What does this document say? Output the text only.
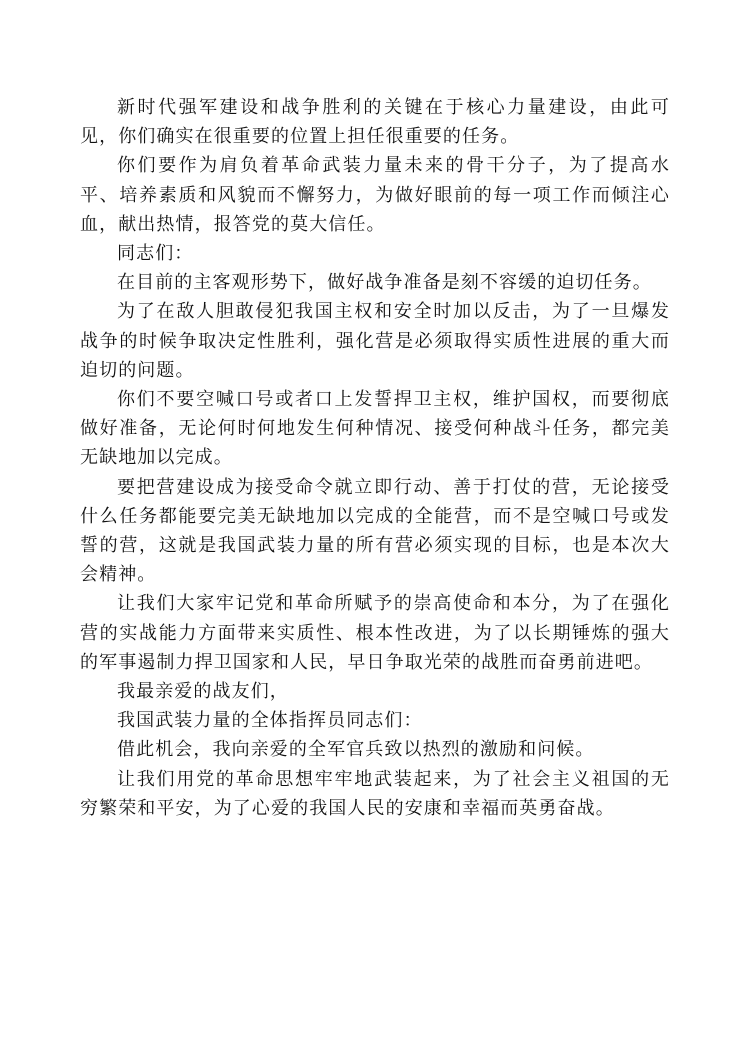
新时代强军建设和战争胜利的关键在于核心力量建设，由此可见，你们确实在很重要的位置上担任很重要的任务。

你们要作为肩负着革命武装力量未来的骨干分子，为了提高水平、培养素质和风貌而不懈努力，为做好眼前的每一项工作而倾注心血，献出热情，报答党的莫大信任。

同志们：

在目前的主客观形势下，做好战争准备是刻不容缓的迫切任务。

为了在敌人胆敢侵犯我国主权和安全时加以反击，为了一旦爆发战争的时候争取决定性胜利，强化营是必须取得实质性进展的重大而迫切的问题。

你们不要空喊口号或者口上发誓捍卫主权，维护国权，而要彻底做好准备，无论何时何地发生何种情况、接受何种战斗任务，都完美无缺地加以完成。

要把营建设成为接受命令就立即行动、善于打仗的营，无论接受什么任务都能要完美无缺地加以完成的全能营，而不是空喊口号或发誓的营，这就是我国武装力量的所有营必须实现的目标，也是本次大会精神。

让我们大家牢记党和革命所赋予的崇高使命和本分，为了在强化营的实战能力方面带来实质性、根本性改进，为了以长期锤炼的强大的军事遏制力捍卫国家和人民，早日争取光荣的战胜而奋勇前进吧。

我最亲爱的战友们，

我国武装力量的全体指挥员同志们：

借此机会，我向亲爱的全军官兵致以热烈的激励和问候。

让我们用党的革命思想牢牢地武装起来，为了社会主义祖国的无穷繁荣和平安，为了心爱的我国人民的安康和幸福而英勇奋战。
